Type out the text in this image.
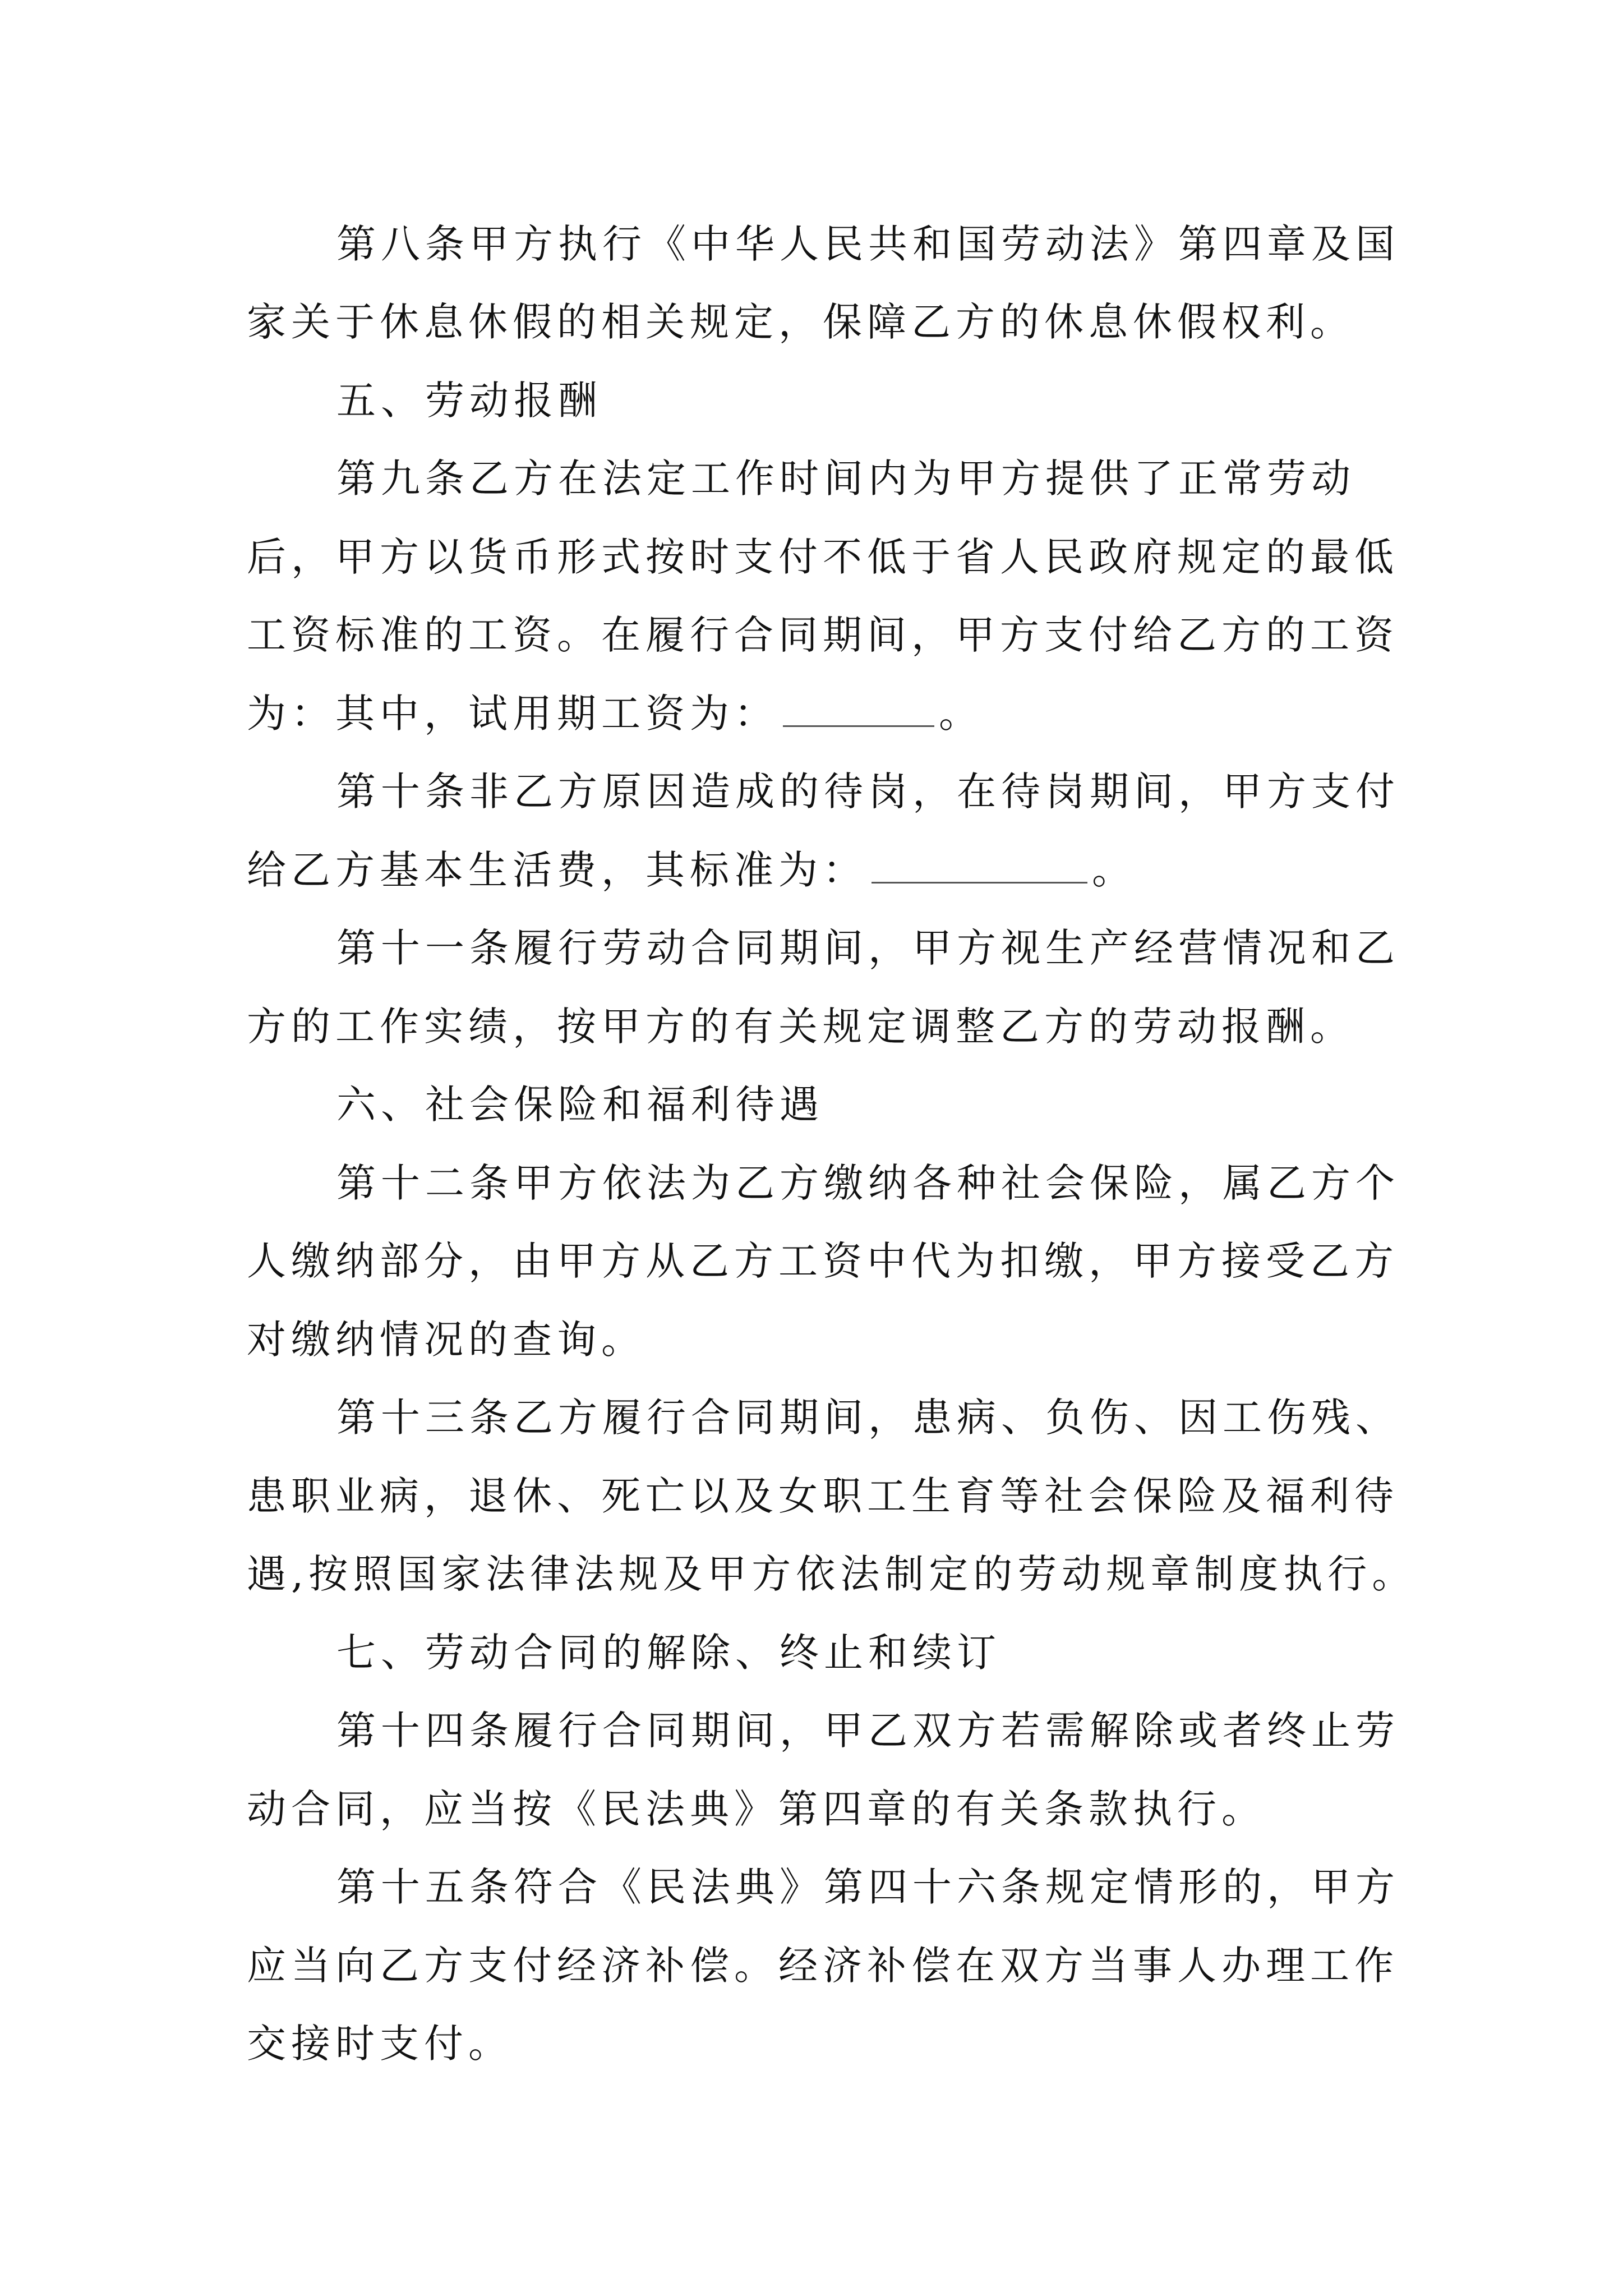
第八条甲方执行《中华人民共和国劳动法》第四章及国
家关于休息休假的相关规定，保障乙方的休息休假权利。
五、劳动报酬
第九条乙方在法定工作时间内为甲方提供了正常劳动
后，甲方以货币形式按时支付不低于省人民政府规定的最低
工资标准的工资。在履行合同期间，甲方支付给乙方的工资
为：其中，试用期工资为：	。
第十条非乙方原因造成的待岗，在待岗期间，甲方支付
给乙方基本生活费，其标准为：	。
第十一条履行劳动合同期间，甲方视生产经营情况和乙
方的工作实绩，按甲方的有关规定调整乙方的劳动报酬。
六、社会保险和福利待遇
第十二条甲方依法为乙方缴纳各种社会保险，属乙方个
人缴纳部分，由甲方从乙方工资中代为扣缴，甲方接受乙方
对缴纳情况的查询。
第十三条乙方履行合同期间，患病、负伤、因工伤残、
患职业病，退休、死亡以及女职工生育等社会保险及福利待
遇,按照国家法律法规及甲方依法制定的劳动规章制度执行。
七、劳动合同的解除、终止和续订
第十四条履行合同期间，甲乙双方若需解除或者终止劳
动合同，应当按《民法典》第四章的有关条款执行。
第十五条符合《民法典》第四十六条规定情形的，甲方
应当向乙方支付经济补偿。经济补偿在双方当事人办理工作
交接时支付。
